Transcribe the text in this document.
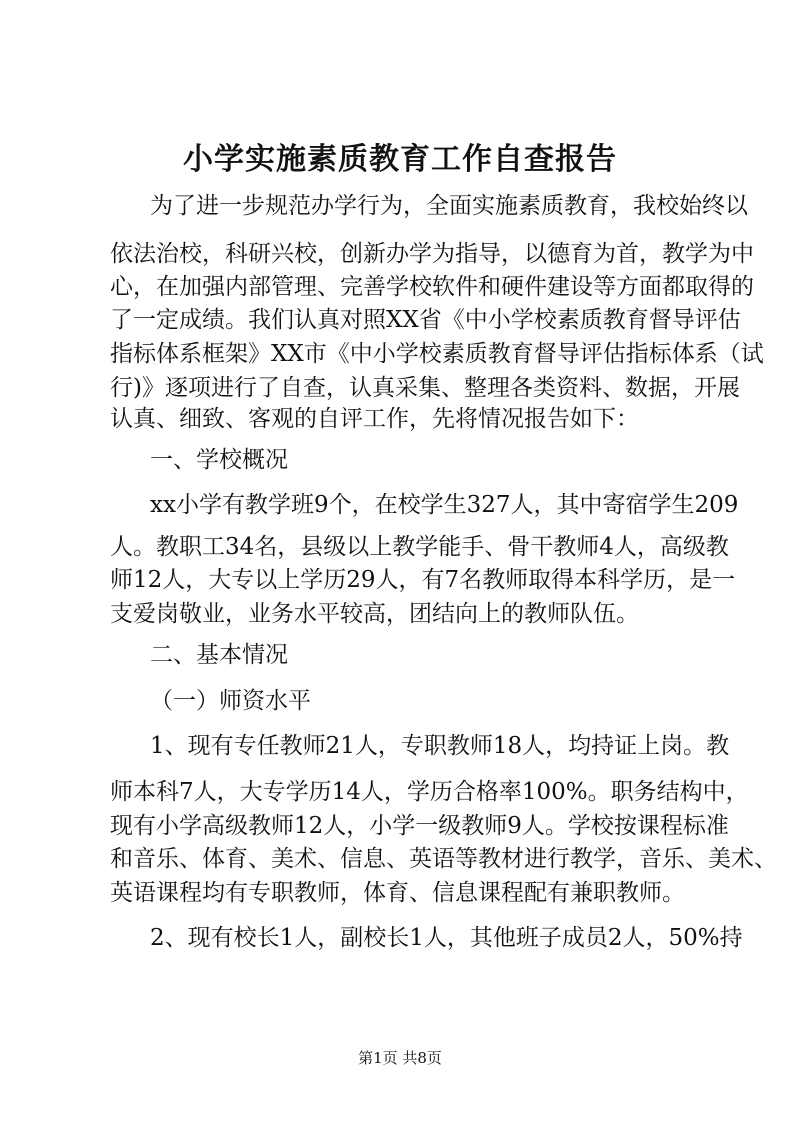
小学实施素质教育工作自查报告
为了进一步规范办学行为，全面实施素质教育，我校始终以
依法治校，科研兴校，创新办学为指导，以德育为首，教学为中
心，在加强内部管理、完善学校软件和硬件建设等方面都取得的
了一定成绩。我们认真对照XX省《中小学校素质教育督导评估
指标体系框架》XX市《中小学校素质教育督导评估指标体系（试
行)》逐项进行了自查，认真采集、整理各类资料、数据，开展
认真、细致、客观的自评工作，先将情况报告如下：
一、学校概况
xx小学有教学班9个，在校学生327人，其中寄宿学生209
人。教职工34名，县级以上教学能手、骨干教师4人，高级教
师12人，大专以上学历29人，有7名教师取得本科学历，是一
支爱岗敬业，业务水平较高，团结向上的教师队伍。
二、基本情况
（一）师资水平
1、现有专任教师21人，专职教师18人，均持证上岗。教
师本科7人，大专学历14人，学历合格率100%。职务结构中，
现有小学高级教师12人，小学一级教师9人。学校按课程标准
和音乐、体育、美术、信息、英语等教材进行教学，音乐、美术、
英语课程均有专职教师，体育、信息课程配有兼职教师。
2、现有校长1人，副校长1人，其他班子成员2人，50%持
第1页 共8页
